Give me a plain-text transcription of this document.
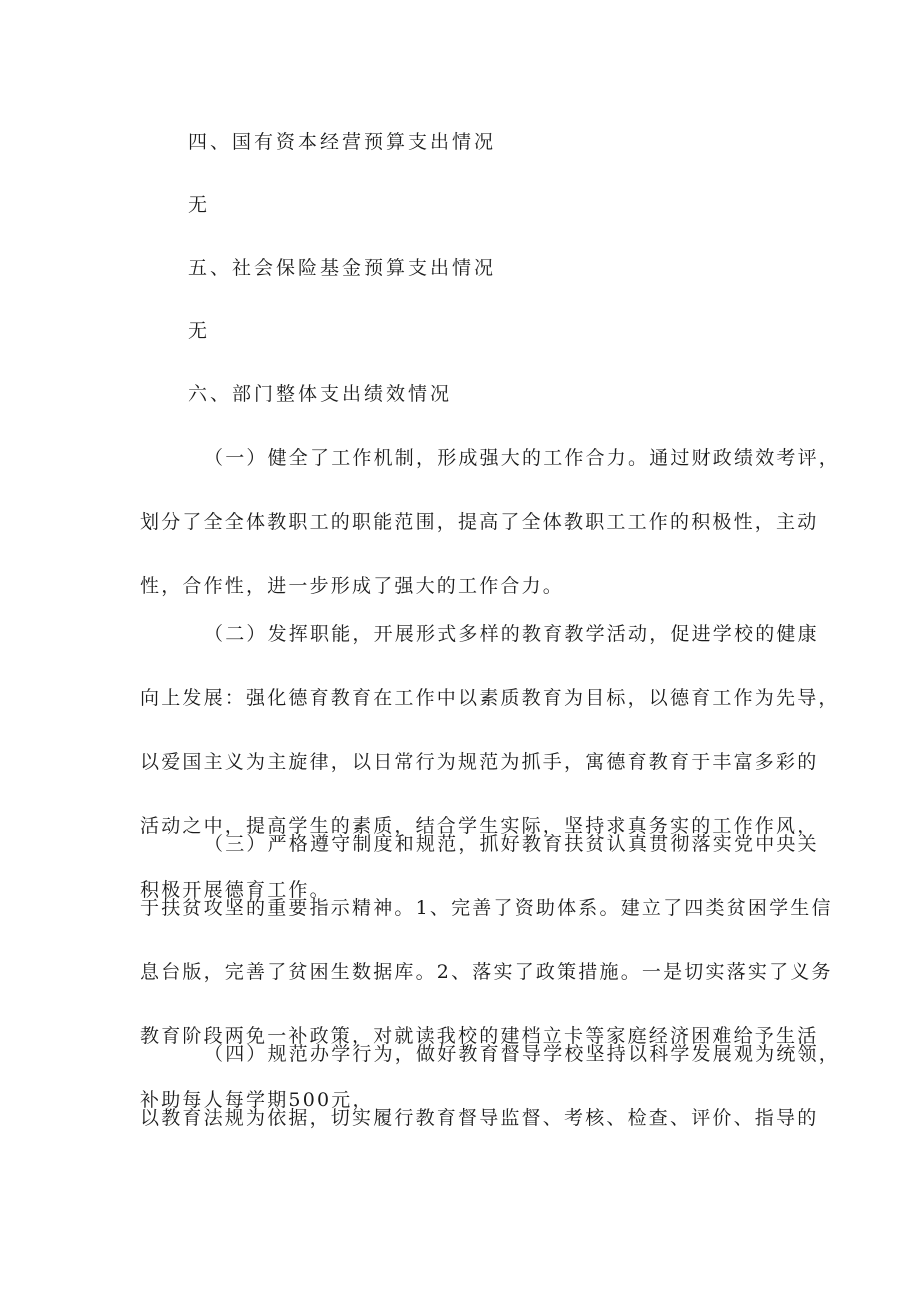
四、国有资本经营预算支出情况

无

五、社会保险基金预算支出情况

无

六、部门整体支出绩效情况
（一）健全了工作机制，形成强大的工作合力。通过财政绩效考评，
划分了全全体教职工的职能范围，提高了全体教职工工作的积极性，主动
性，合作性，进一步形成了强大的工作合力。
（二）发挥职能，开展形式多样的教育教学活动，促进学校的健康
向上发展：强化德育教育在工作中以素质教育为目标，以德育工作为先导，
以爱国主义为主旋律，以日常行为规范为抓手，寓德育教育于丰富多彩的
活动之中，提高学生的素质，结合学生实际，坚持求真务实的工作作风，
积极开展德育工作。
（三）严格遵守制度和规范，抓好教育扶贫认真贯彻落实党中央关
于扶贫攻坚的重要指示精神。1、完善了资助体系。建立了四类贫困学生信
息台版，完善了贫困生数据库。2、落实了政策措施。一是切实落实了义务
教育阶段两免一补政策，对就读我校的建档立卡等家庭经济困难给予生活
补助每人每学期500元，
（四）规范办学行为，做好教育督导学校坚持以科学发展观为统领，
以教育法规为依据，切实履行教育督导监督、考核、检查、评价、指导的
